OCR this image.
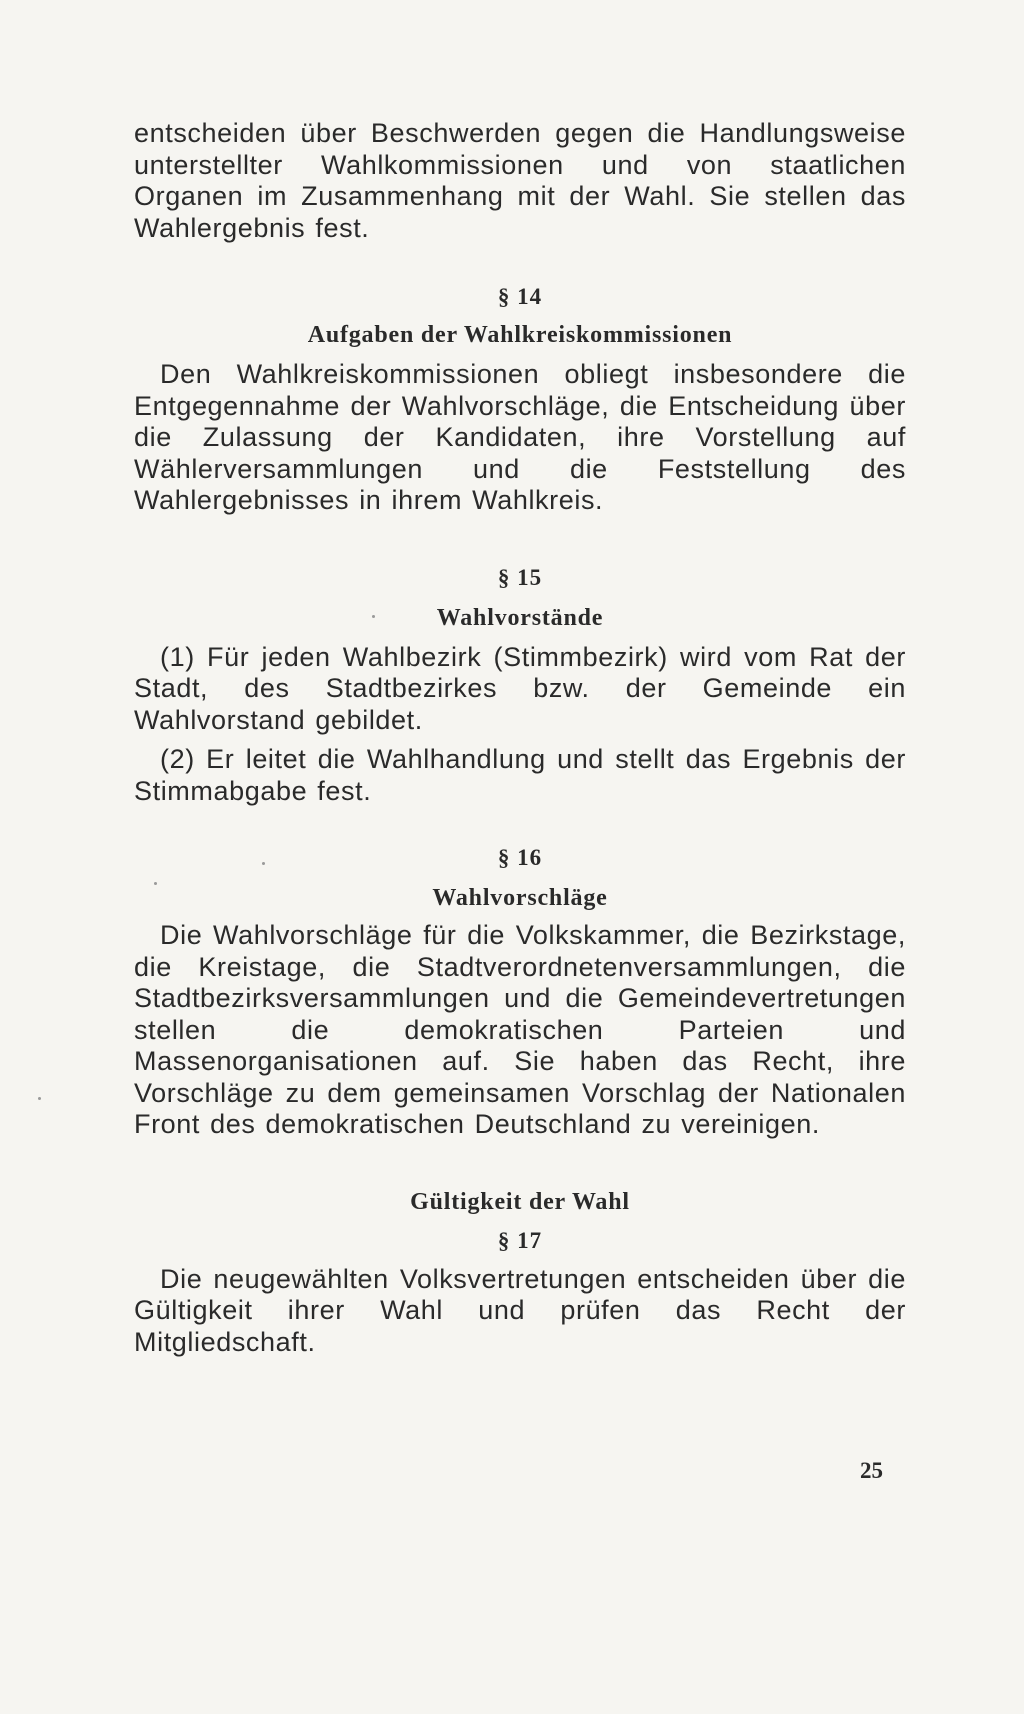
entscheiden über Beschwerden gegen die Handlungsweise unterstellter Wahlkommissionen und von staatlichen Organen im Zusammenhang mit der Wahl. Sie stellen das Wahlergebnis fest.

§ 14

Aufgaben der Wahlkreiskommissionen

Den Wahlkreiskommissionen obliegt insbesondere die Entgegennahme der Wahlvorschläge, die Entscheidung über die Zulassung der Kandidaten, ihre Vorstellung auf Wählerversammlungen und die Feststellung des Wahlergebnisses in ihrem Wahlkreis.

§ 15

Wahlvorstände

(1) Für jeden Wahlbezirk (Stimmbezirk) wird vom Rat der Stadt, des Stadtbezirkes bzw. der Gemeinde ein Wahlvorstand gebildet.

(2) Er leitet die Wahlhandlung und stellt das Ergebnis der Stimmabgabe fest.

§ 16

Wahlvorschläge

Die Wahlvorschläge für die Volkskammer, die Bezirkstage, die Kreistage, die Stadtverordnetenversammlungen, die Stadtbezirksversammlungen und die Gemeindevertretungen stellen die demokratischen Parteien und Massenorganisationen auf. Sie haben das Recht, ihre Vorschläge zu dem gemeinsamen Vorschlag der Nationalen Front des demokratischen Deutschland zu vereinigen.

Gültigkeit der Wahl

§ 17

Die neugewählten Volksvertretungen entscheiden über die Gültigkeit ihrer Wahl und prüfen das Recht der Mitgliedschaft.

25
